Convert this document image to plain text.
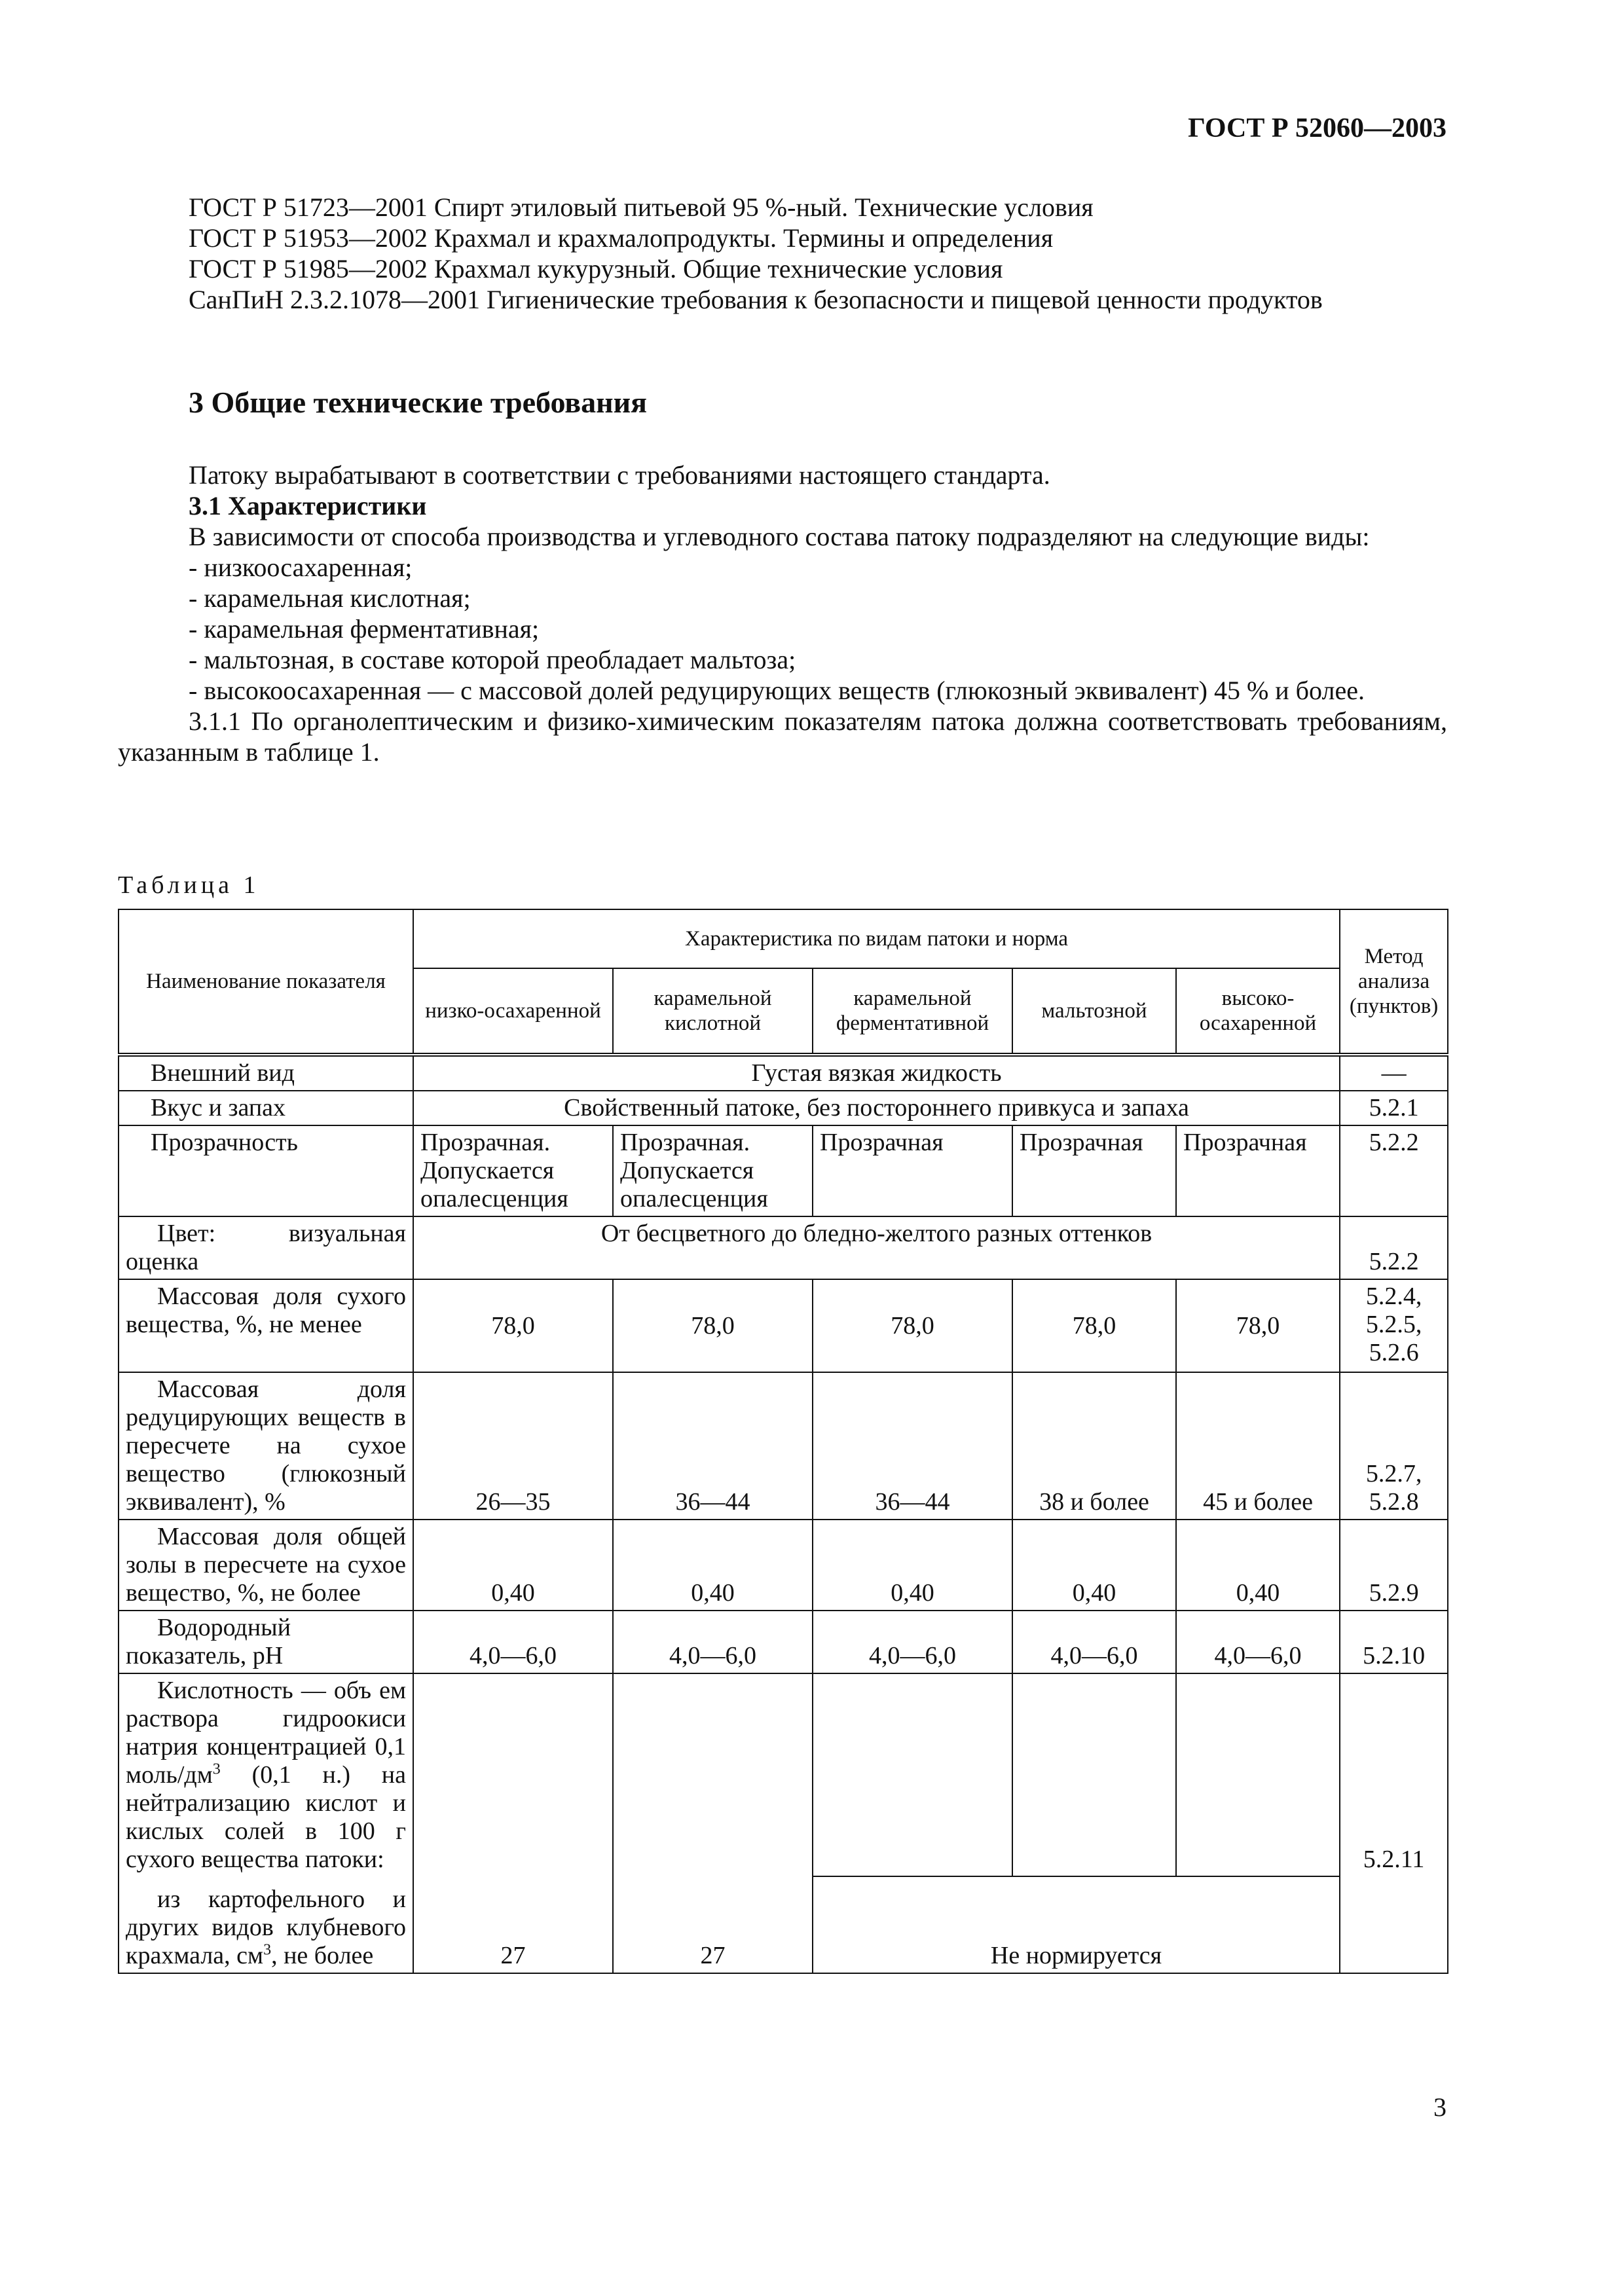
ГОСТ Р 52060—2003
ГОСТ Р 51723—2001 Спирт этиловый питьевой 95 %-ный. Технические условия
ГОСТ Р 51953—2002 Крахмал и крахмалопродукты. Термины и определения
ГОСТ Р 51985—2002 Крахмал кукурузный. Общие технические условия
СанПиН 2.3.2.1078—2001 Гигиенические требования к безопасности и пищевой ценности продуктов
3 Общие технические требования
Патоку вырабатывают в соответствии с требованиями настоящего стандарта.
3.1 Характеристики
В зависимости от способа производства и углеводного состава патоку подразделяют на следующие виды:
- низкоосахаренная;
- карамельная кислотная;
- карамельная ферментативная;
- мальтозная, в составе которой преобладает мальтоза;
- высокоосахаренная — с массовой долей редуцирующих веществ (глюкозный эквивалент) 45 % и более.
3.1.1 По органолептическим и физико-химическим показателям патока должна соответствовать требованиям, указанным в таблице 1.
Таблица 1
Наименование показателя	Характеристика по видам патоки и норма					Метод анализа (пунктов)
	низко-осахаренной	карамельной кислотной	карамельной ферментативной	мальтозной	высоко-осахаренной	
Внешний вид	Густая вязкая жидкость					—
Вкус и запах	Свойственный патоке, без постороннего привкуса и запаха					5.2.1
Прозрачность	Прозрачная. Допускается опалесценция	Прозрачная. Допускается опалесценция	Прозрачная	Прозрачная	Прозрачная	5.2.2
Цвет: визуальная оценка	От бесцветного до бледно-желтого разных оттенков					5.2.2
Массовая доля сухого вещества, %, не менее	78,0	78,0	78,0	78,0	78,0	5.2.4, 5.2.5, 5.2.6
Массовая доля редуцирующих веществ в пересчете на сухое вещество (глюкозный эквивалент), %	26—35	36—44	36—44	38 и более	45 и более	5.2.7, 5.2.8
Массовая доля общей золы в пересчете на сухое вещество, %, не более	0,40	0,40	0,40	0,40	0,40	5.2.9
Водородный показатель, pH	4,0—6,0	4,0—6,0	4,0—6,0	4,0—6,0	4,0—6,0	5.2.10
Кислотность — объ ем раствора гидроокиси натрия концентрацией 0,1 моль/$дм^3$ (0,1 н.) на нейтрализацию кислот и кислых солей в 100 г сухого вещества патоки:						5.2.11
из картофельного и других видов клубневого крахмала, $см^3$, не более	27	27	Не нормируется			
3
